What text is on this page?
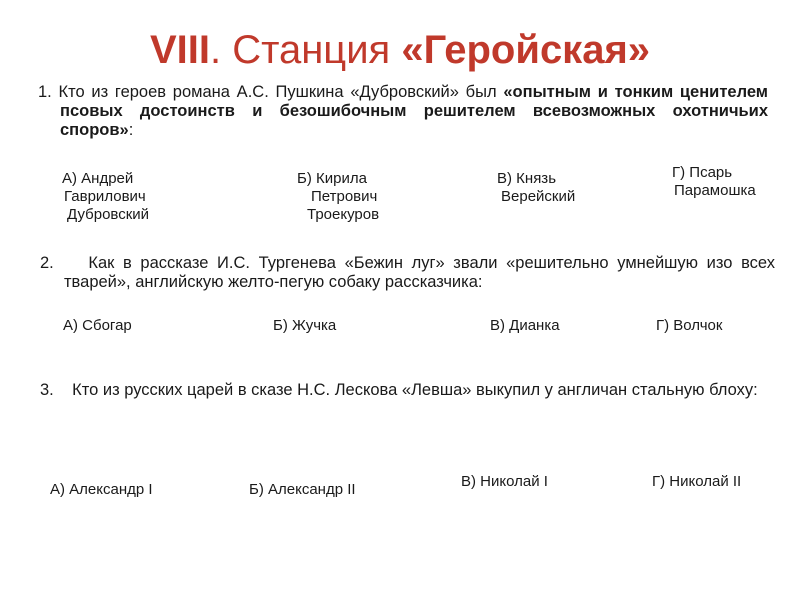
VIII. Станция «Геройская»
1. Кто из героев романа А.С. Пушкина «Дубровский» был «опытным и тонким ценителем псовых достоинств и безошибочным решителем всевозможных охотничьих споров»:
А) Андрей
Гаврилович
Дубровский
Б) Кирила
Петрович
Троекуров
В) Князь
Верейский
Г) Псарь
Парамошка
2. Как в рассказе И.С. Тургенева «Бежин луг» звали «решительно умнейшую изо всех тварей», английскую желто-пегую собаку рассказчика:
А) Сбогар	Б) Жучка	В) Дианка	Г) Волчок
3. Кто из русских царей в сказе Н.С. Лескова «Левша» выкупил у англичан стальную блоху:
А) Александр I	Б) Александр II	В) Николай I	Г) Николай II
